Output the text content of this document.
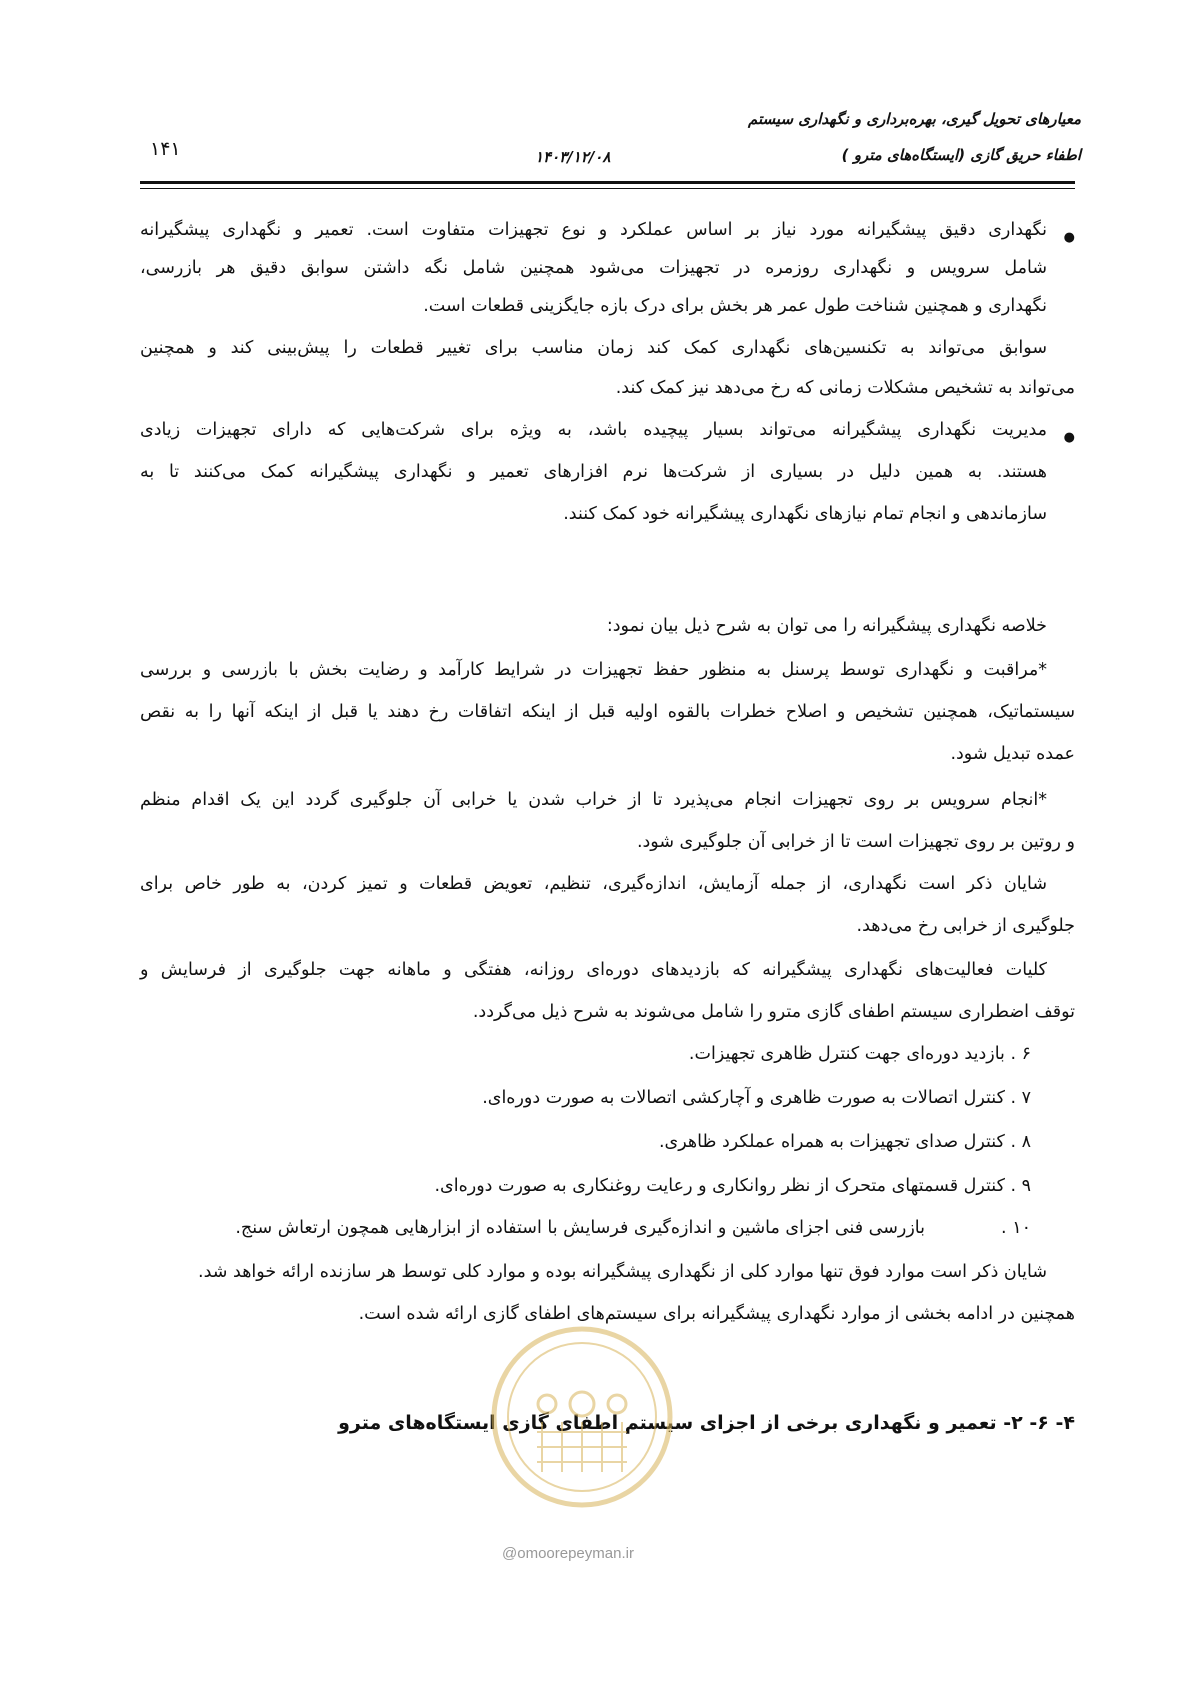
معیارهای تحویل گیری، بهره‌برداری و نگهداری سیستم
اطفاء حریق گازی (ایستگاه‌های مترو )
۱۴۰۳/۱۲/۰۸
۱۴۱
●
نگهداری دقیق پیشگیرانه مورد نیاز بر اساس عملکرد و نوع تجهیزات متفاوت است. تعمیر و نگهداری پیشگیرانه
شامل سرویس و نگهداری روزمره در تجهیزات می‌شود همچنین شامل نگه داشتن سوابق دقیق هر بازرسی،
نگهداری و همچنین شناخت طول عمر هر بخش برای درک بازه جایگزینی قطعات است.
سوابق می‌تواند به تکنسین‌های نگهداری کمک کند زمان مناسب برای تغییر قطعات را پیش‌بینی کند و همچنین
می‌تواند به تشخیص مشکلات زمانی که رخ می‌دهد نیز کمک کند.
●
مدیریت نگهداری پیشگیرانه می‌تواند بسیار پیچیده باشد، به ویژه برای شرکت‌هایی که دارای تجهیزات زیادی
هستند. به همین دلیل در بسیاری از شرکت‌ها نرم افزارهای تعمیر و نگهداری پیشگیرانه کمک می‌کنند تا به
سازماندهی و انجام تمام نیازهای نگهداری پیشگیرانه خود کمک کنند.
خلاصه نگهداری پیشگیرانه را می توان به شرح ذیل بیان نمود:
*مراقبت و نگهداری توسط پرسنل به منظور حفظ تجهیزات در شرایط کارآمد و رضایت بخش با بازرسی و بررسی
سیستماتیک، همچنین تشخیص و اصلاح خطرات بالقوه اولیه قبل از اینکه اتفاقات رخ دهند یا قبل از اینکه آنها را به نقص
عمده تبدیل شود.
*انجام سرویس بر روی تجهیزات انجام می‌پذیرد تا از خراب شدن یا خرابی آن جلوگیری گردد این یک اقدام منظم
و روتین بر روی تجهیزات است تا از خرابی آن جلوگیری شود.
شایان ذکر است نگهداری، از جمله آزمایش، اندازه‌گیری، تنظیم، تعویض قطعات و تمیز کردن، به طور خاص برای
جلوگیری از خرابی رخ می‌دهد.
کلیات فعالیت‌های نگهداری پیشگیرانه که بازدیدهای دوره‌ای روزانه، هفتگی و ماهانه جهت جلوگیری از فرسایش و
توقف اضطراری سیستم اطفای گازی مترو را شامل می‌شوند به شرح ذیل می‌گردد.
۶ . بازدید دوره‌ای جهت کنترل ظاهری تجهیزات.
۷ . کنترل اتصالات به صورت ظاهری و آچارکشی اتصالات به صورت دوره‌ای.
۸ . کنترل صدای تجهیزات به همراه عملکرد ظاهری.
۹ . کنترل قسمتهای متحرک از نظر روانکاری و رعایت روغنکاری به صورت دوره‌ای.
۱۰ .
بازرسی فنی اجزای ماشین و اندازه‌گیری فرسایش با استفاده از ابزارهایی همچون ارتعاش سنج.
شایان ذکر است موارد فوق تنها موارد کلی از نگهداری پیشگیرانه بوده و موارد کلی توسط هر سازنده ارائه خواهد شد.
همچنین در ادامه بخشی از موارد نگهداری پیشگیرانه برای سیستم‌های اطفای گازی ارائه شده است.
۴- ۶- ۲- تعمیر و نگهداری برخی از اجزای سیستم اطفای گازی ایستگاه‌های مترو
@omoorepeyman.ir
